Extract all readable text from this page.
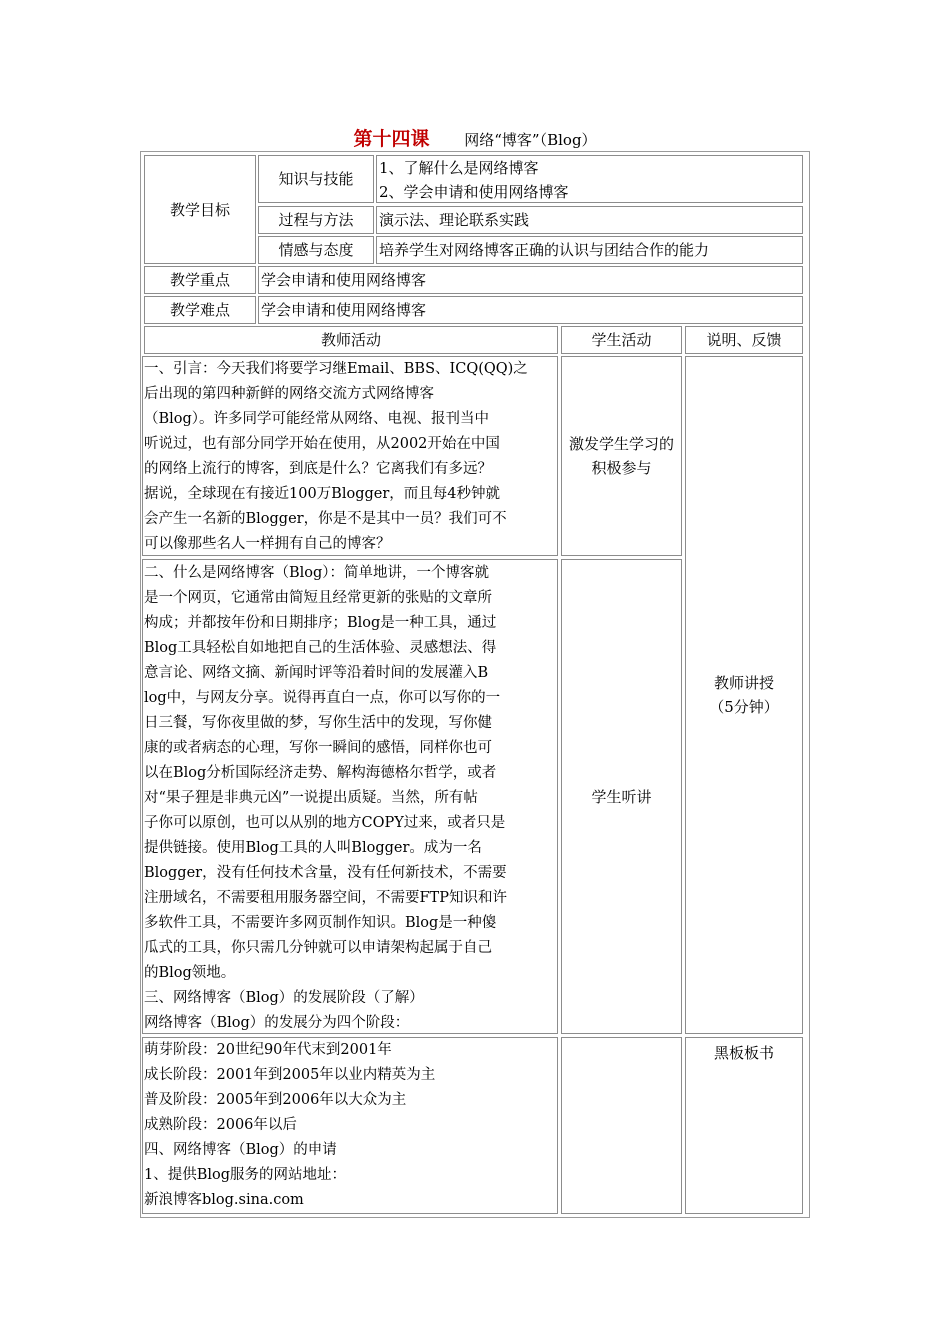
第十四课 网络“博客”（Blog）
教学目标
知识与技能
1、了解什么是网络博客
2、学会申请和使用网络博客
过程与方法 演示法、理论联系实践
情感与态度 培养学生对网络博客正确的认识与团结合作的能力
教学重点 学会申请和使用网络博客
教学难点 学会申请和使用网络博客
教师活动	学生活动	说明、反馈

一、引言：今天我们将要学习继Email、BBS、ICQ(QQ)之

后出现的第四种新鲜的网络交流方式网络博客

（Blog）。许多同学可能经常从网络、电视、报刊当中

听说过，也有部分同学开始在使用，从2002开始在中国

的网络上流行的博客，到底是什么？它离我们有多远？

据说，全球现在有接近100万Blogger，而且每4秒钟就

会产生一名新的Blogger，你是不是其中一员？我们可不

可以像那些名人一样拥有自己的博客？

激发学生学习的
积极参与
教师讲授
（5分钟）

二、什么是网络博客（Blog）：简单地讲，一个博客就

是一个网页，它通常由简短且经常更新的张贴的文章所

构成；并都按年份和日期排序；Blog是一种工具，通过

Blog工具轻松自如地把自己的生活体验、灵感想法、得

意言论、网络文摘、新闻时评等沿着时间的发展灌入B

log中，与网友分享。说得再直白一点，你可以写你的一

日三餐，写你夜里做的梦，写你生活中的发现，写你健

康的或者病态的心理，写你一瞬间的感悟，同样你也可

以在Blog分析国际经济走势、解构海德格尔哲学，或者

对“果子狸是非典元凶”一说提出质疑。当然，所有帖

子你可以原创，也可以从别的地方COPY过来，或者只是

提供链接。使用Blog工具的人叫Blogger。成为一名

Blogger，没有任何技术含量，没有任何新技术，不需要

注册域名，不需要租用服务器空间，不需要FTP知识和许

多软件工具，不需要许多网页制作知识。Blog是一种傻

瓜式的工具，你只需几分钟就可以申请架构起属于自己

的Blog领地。

三、网络博客（Blog）的发展阶段（了解）

网络博客（Blog）的发展分为四个阶段：

学生听讲

萌芽阶段：20世纪90年代末到2001年

成长阶段：2001年到2005年以业内精英为主

普及阶段：2005年到2006年以大众为主

成熟阶段：2006年以后

四、网络博客（Blog）的申请

1、提供Blog服务的网站地址：

新浪博客blog.sina.com

黑板板书
